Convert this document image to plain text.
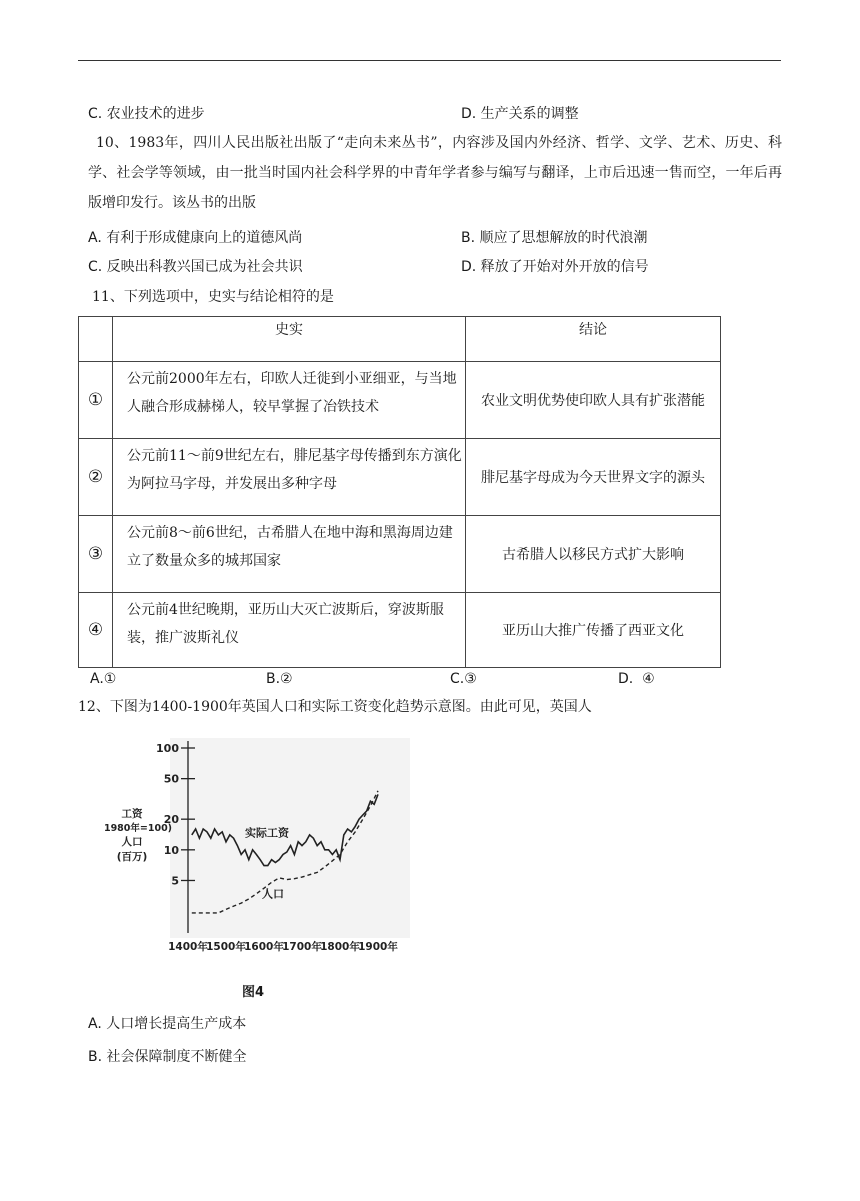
C. 农业技术的进步	D. 生产关系的调整
10、1983年，四川人民出版社出版了“走向未来丛书”，内容涉及国内外经济、哲学、文学、艺术、历史、科学、社会学等领域，由一批当时国内社会科学界的中青年学者参与编写与翻译，上市后迅速一售而空，一年后再版增印发行。该丛书的出版
A. 有利于形成健康向上的道德风尚	B. 顺应了思想解放的时代浪潮
C. 反映出科教兴国已成为社会共识	D. 释放了开始对外开放的信号
11、下列选项中，史实与结论相符的是
	史实	结论
①	公元前2000年左右，印欧人迁徙到小亚细亚，与当地人融合形成赫梯人，较早掌握了冶铁技术	农业文明优势使印欧人具有扩张潜能
②	公元前11～前9世纪左右，腓尼基字母传播到东方演化为阿拉马字母，并发展出多种字母	腓尼基字母成为今天世界文字的源头
③	公元前8～前6世纪，古希腊人在地中海和黑海周边建立了数量众多的城邦国家	古希腊人以移民方式扩大影响
④	公元前4世纪晚期，亚历山大灭亡波斯后，穿波斯服装，推广波斯礼仪	亚历山大推广传播了西亚文化
A.①	B.②	C.③	D.  ④
12、下图为1400-1900年英国人口和实际工资变化趋势示意图。由此可见，英国人
5
10
20
50
100
工资
1980年=100)
人口
(百万)
1400年
1500年
1600年
1700年
1800年
1900年
实际工资
人口
图4
A. 人口增长提高生产成本
B. 社会保障制度不断健全
